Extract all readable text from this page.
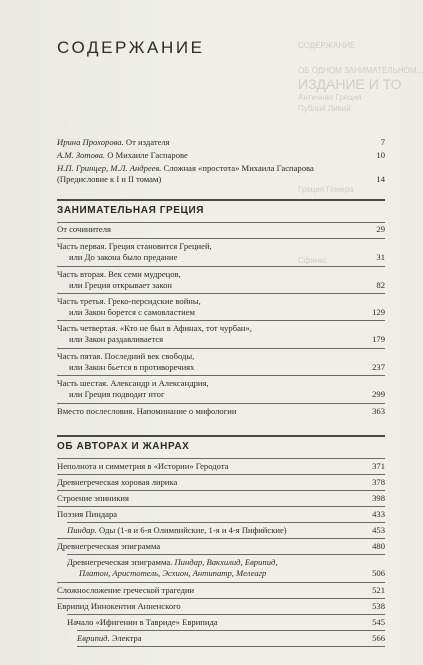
СОДЕРЖАНИЕ
ОБ ОДНОМ ЗАНИМАТЕЛЬНОМ...
ИЗДАНИЕ И ТО
Античная Греция
Публий Ливий
Греция Гомера
Сфинкс
СОДЕРЖАНИЕ
Ирина Прохорова. От издателя	7
А.М. Зотова. О Михаиле Гаспарове	10
Н.П. Гринцер, М.Л. Андреев. Сложная «простота» Михаила Гаспарова
(Предисловие к I и II томам)	14
ЗАНИМАТЕЛЬНАЯ ГРЕЦИЯ
От сочинителя	29
Часть первая. Греция становится Грецией,
или До закона было предание	31
Часть вторая. Век семи мудрецов,
или Греция открывает закон	82
Часть третья. Греко-персидские войны,
или Закон борется с самовластием	129
Часть четвертая. «Кто не был в Афинах, тот чурбан»,
или Закон раздавливается	179
Часть пятая. Последний век свободы,
или Закон бьется в противоречиях	237
Часть шестая. Александр и Александрия,
или Греция подводит итог	299
Вместо послесловия. Напоминание о мифологии	363
ОБ АВТОРАХ И ЖАНРАХ
Неполнота и симметрия в «Истории» Геродота	371
Древнегреческая хоровая лирика	378
Строение эпиникия	398
Поэзия Пиндара	433
Пиндар. Оды (1-я и 6-я Олимпийские, 1-я и 4-я Пифийские)	453
Древнегреческая эпиграмма	480
Древнегреческая эпиграмма. Пиндар, Вакхилид, Еврипид,
Платон, Аристотель, Эсхион, Антипатр, Мелеагр	506
Сложносложение греческой трагедии	521
Еврипид Иннокентия Анненского	538
Начало «Ифигении в Тавриде» Еврипида	545
Еврипид. Электра	566
